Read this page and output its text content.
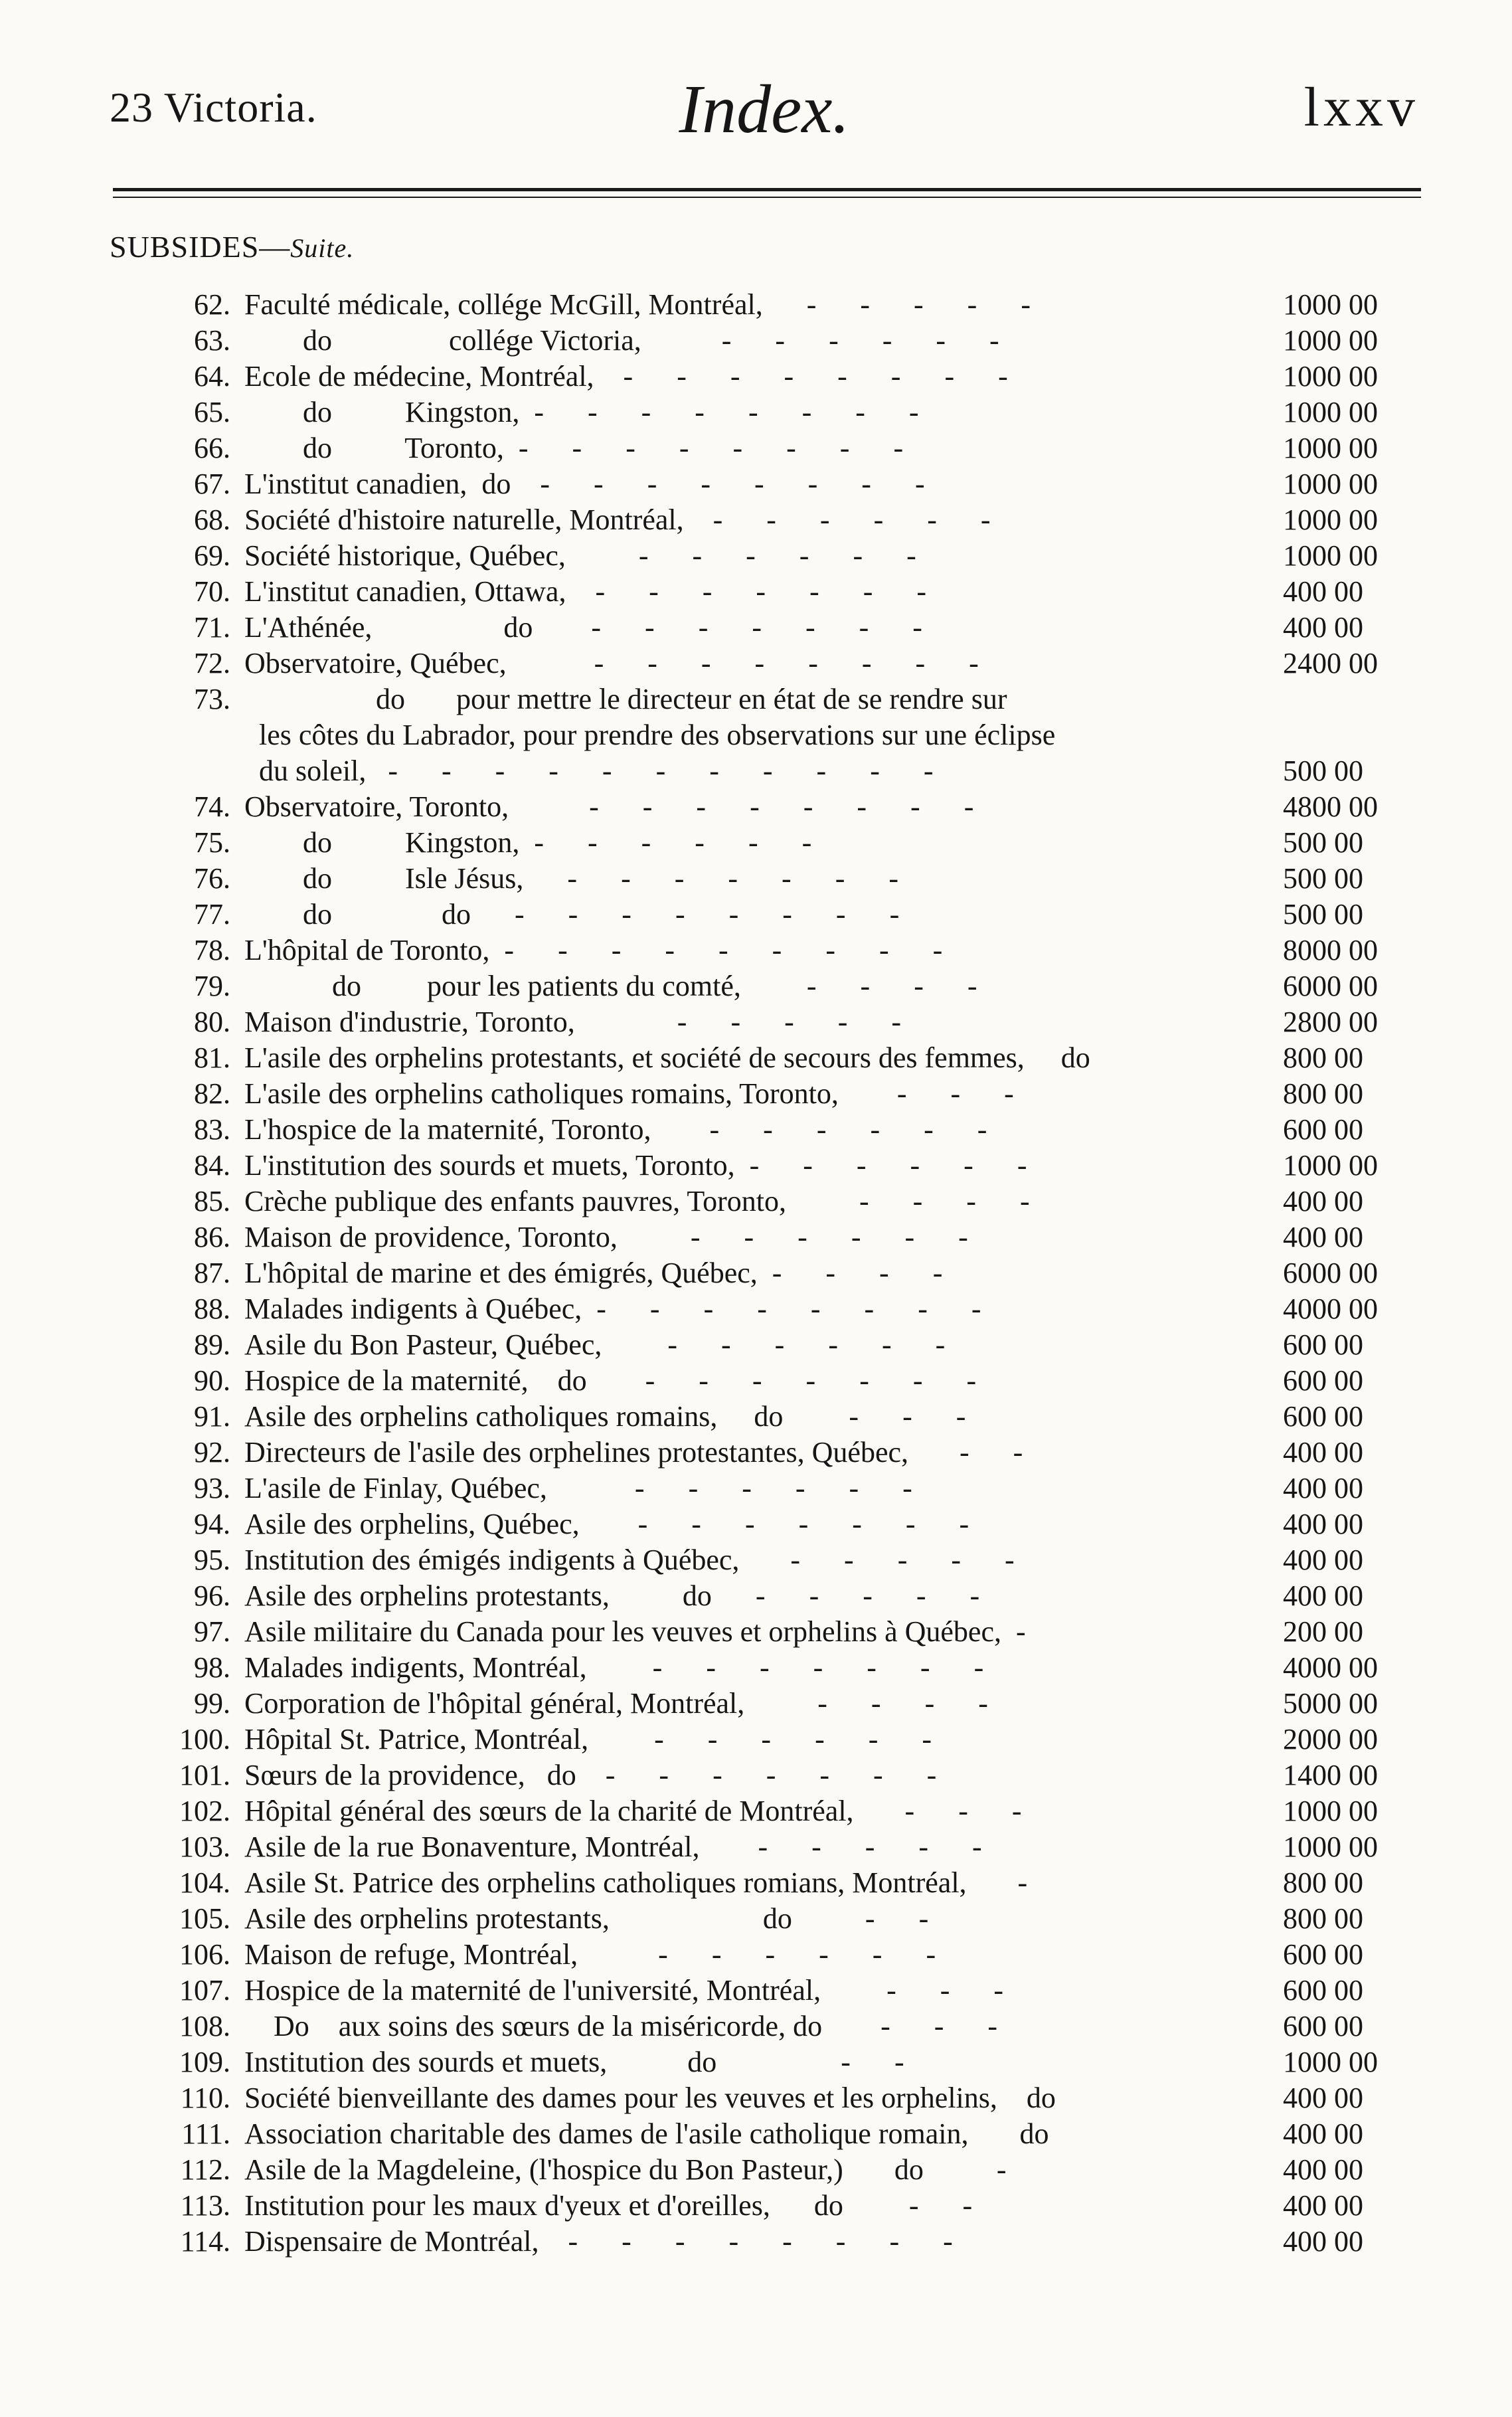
23 Victoria.	Index.	lxxv
SUBSIDES—Suite.
62. Faculté médicale, collége McGill, Montréal,      -      -      -      -      -	1000 00
63. do                collége Victoria,           -      -      -      -      -      -	1000 00
64. Ecole de médecine, Montréal,    -      -      -      -      -      -      -      -	1000 00
65. do          Kingston,  -      -      -      -      -      -      -      -	1000 00
66. do          Toronto,  -      -      -      -      -      -      -      -	1000 00
67. L'institut canadien,  do    -      -      -      -      -      -      -      -	1000 00
68. Société d'histoire naturelle, Montréal,    -      -      -      -      -      -	1000 00
69. Société historique, Québec,          -      -      -      -      -      -	1000 00
70. L'institut canadien, Ottawa,    -      -      -      -      -      -      -	400 00
71. L'Athénée,                  do        -      -      -      -      -      -      -	400 00
72. Observatoire, Québec,            -      -      -      -      -      -      -      -	2400 00
73. do       pour mettre le directeur en état de se rendre sur
les côtes du Labrador, pour prendre des observations sur une éclipse
du soleil,   -      -      -      -      -      -      -      -      -      -      -	500 00
74. Observatoire, Toronto,           -      -      -      -      -      -      -      -	4800 00
75. do          Kingston,  -      -      -      -      -      -	500 00
76. do          Isle Jésus,      -      -      -      -      -      -      -	500 00
77. do               do      -      -      -      -      -      -      -      -	500 00
78. L'hôpital de Toronto,  -      -      -      -      -      -      -      -      -	8000 00
79. do         pour les patients du comté,         -      -      -      -	6000 00
80. Maison d'industrie, Toronto,              -      -      -      -      -	2800 00
81. L'asile des orphelins protestants, et société de secours des femmes,     do	800 00
82. L'asile des orphelins catholiques romains, Toronto,        -      -      -	800 00
83. L'hospice de la maternité, Toronto,        -      -      -      -      -      -	600 00
84. L'institution des sourds et muets, Toronto,  -      -      -      -      -      -	1000 00
85. Crèche publique des enfants pauvres, Toronto,          -      -      -      -	400 00
86. Maison de providence, Toronto,          -      -      -      -      -      -	400 00
87. L'hôpital de marine et des émigrés, Québec,  -      -      -      -	6000 00
88. Malades indigents à Québec,  -      -      -      -      -      -      -      -	4000 00
89. Asile du Bon Pasteur, Québec,         -      -      -      -      -      -	600 00
90. Hospice de la maternité,    do        -      -      -      -      -      -      -	600 00
91. Asile des orphelins catholiques romains,     do         -      -      -	600 00
92. Directeurs de l'asile des orphelines protestantes, Québec,       -      -	400 00
93. L'asile de Finlay, Québec,            -      -      -      -      -      -	400 00
94. Asile des orphelins, Québec,        -      -      -      -      -      -      -	400 00
95. Institution des émigés indigents à Québec,       -      -      -      -      -	400 00
96. Asile des orphelins protestants,          do      -      -      -      -      -	400 00
97. Asile militaire du Canada pour les veuves et orphelins à Québec,  -	200 00
98. Malades indigents, Montréal,         -      -      -      -      -      -      -	4000 00
99. Corporation de l'hôpital général, Montréal,          -      -      -      -	5000 00
100. Hôpital St. Patrice, Montréal,         -      -      -      -      -      -	2000 00
101. Sœurs de la providence,   do    -      -      -      -      -      -      -	1400 00
102. Hôpital général des sœurs de la charité de Montréal,       -      -      -	1000 00
103. Asile de la rue Bonaventure, Montréal,        -      -      -      -      -	1000 00
104. Asile St. Patrice des orphelins catholiques romians, Montréal,       -	800 00
105. Asile des orphelins protestants,                     do          -      -	800 00
106. Maison de refuge, Montréal,           -      -      -      -      -      -	600 00
107. Hospice de la maternité de l'université, Montréal,         -      -      -	600 00
108. Do    aux soins des sœurs de la miséricorde, do        -      -      -	600 00
109. Institution des sourds et muets,           do                 -      -	1000 00
110. Société bienveillante des dames pour les veuves et les orphelins,    do	400 00
111. Association charitable des dames de l'asile catholique romain,       do	400 00
112. Asile de la Magdeleine, (l'hospice du Bon Pasteur,)       do          -	400 00
113. Institution pour les maux d'yeux et d'oreilles,      do         -      -	400 00
114. Dispensaire de Montréal,    -      -      -      -      -      -      -      -	400 00
